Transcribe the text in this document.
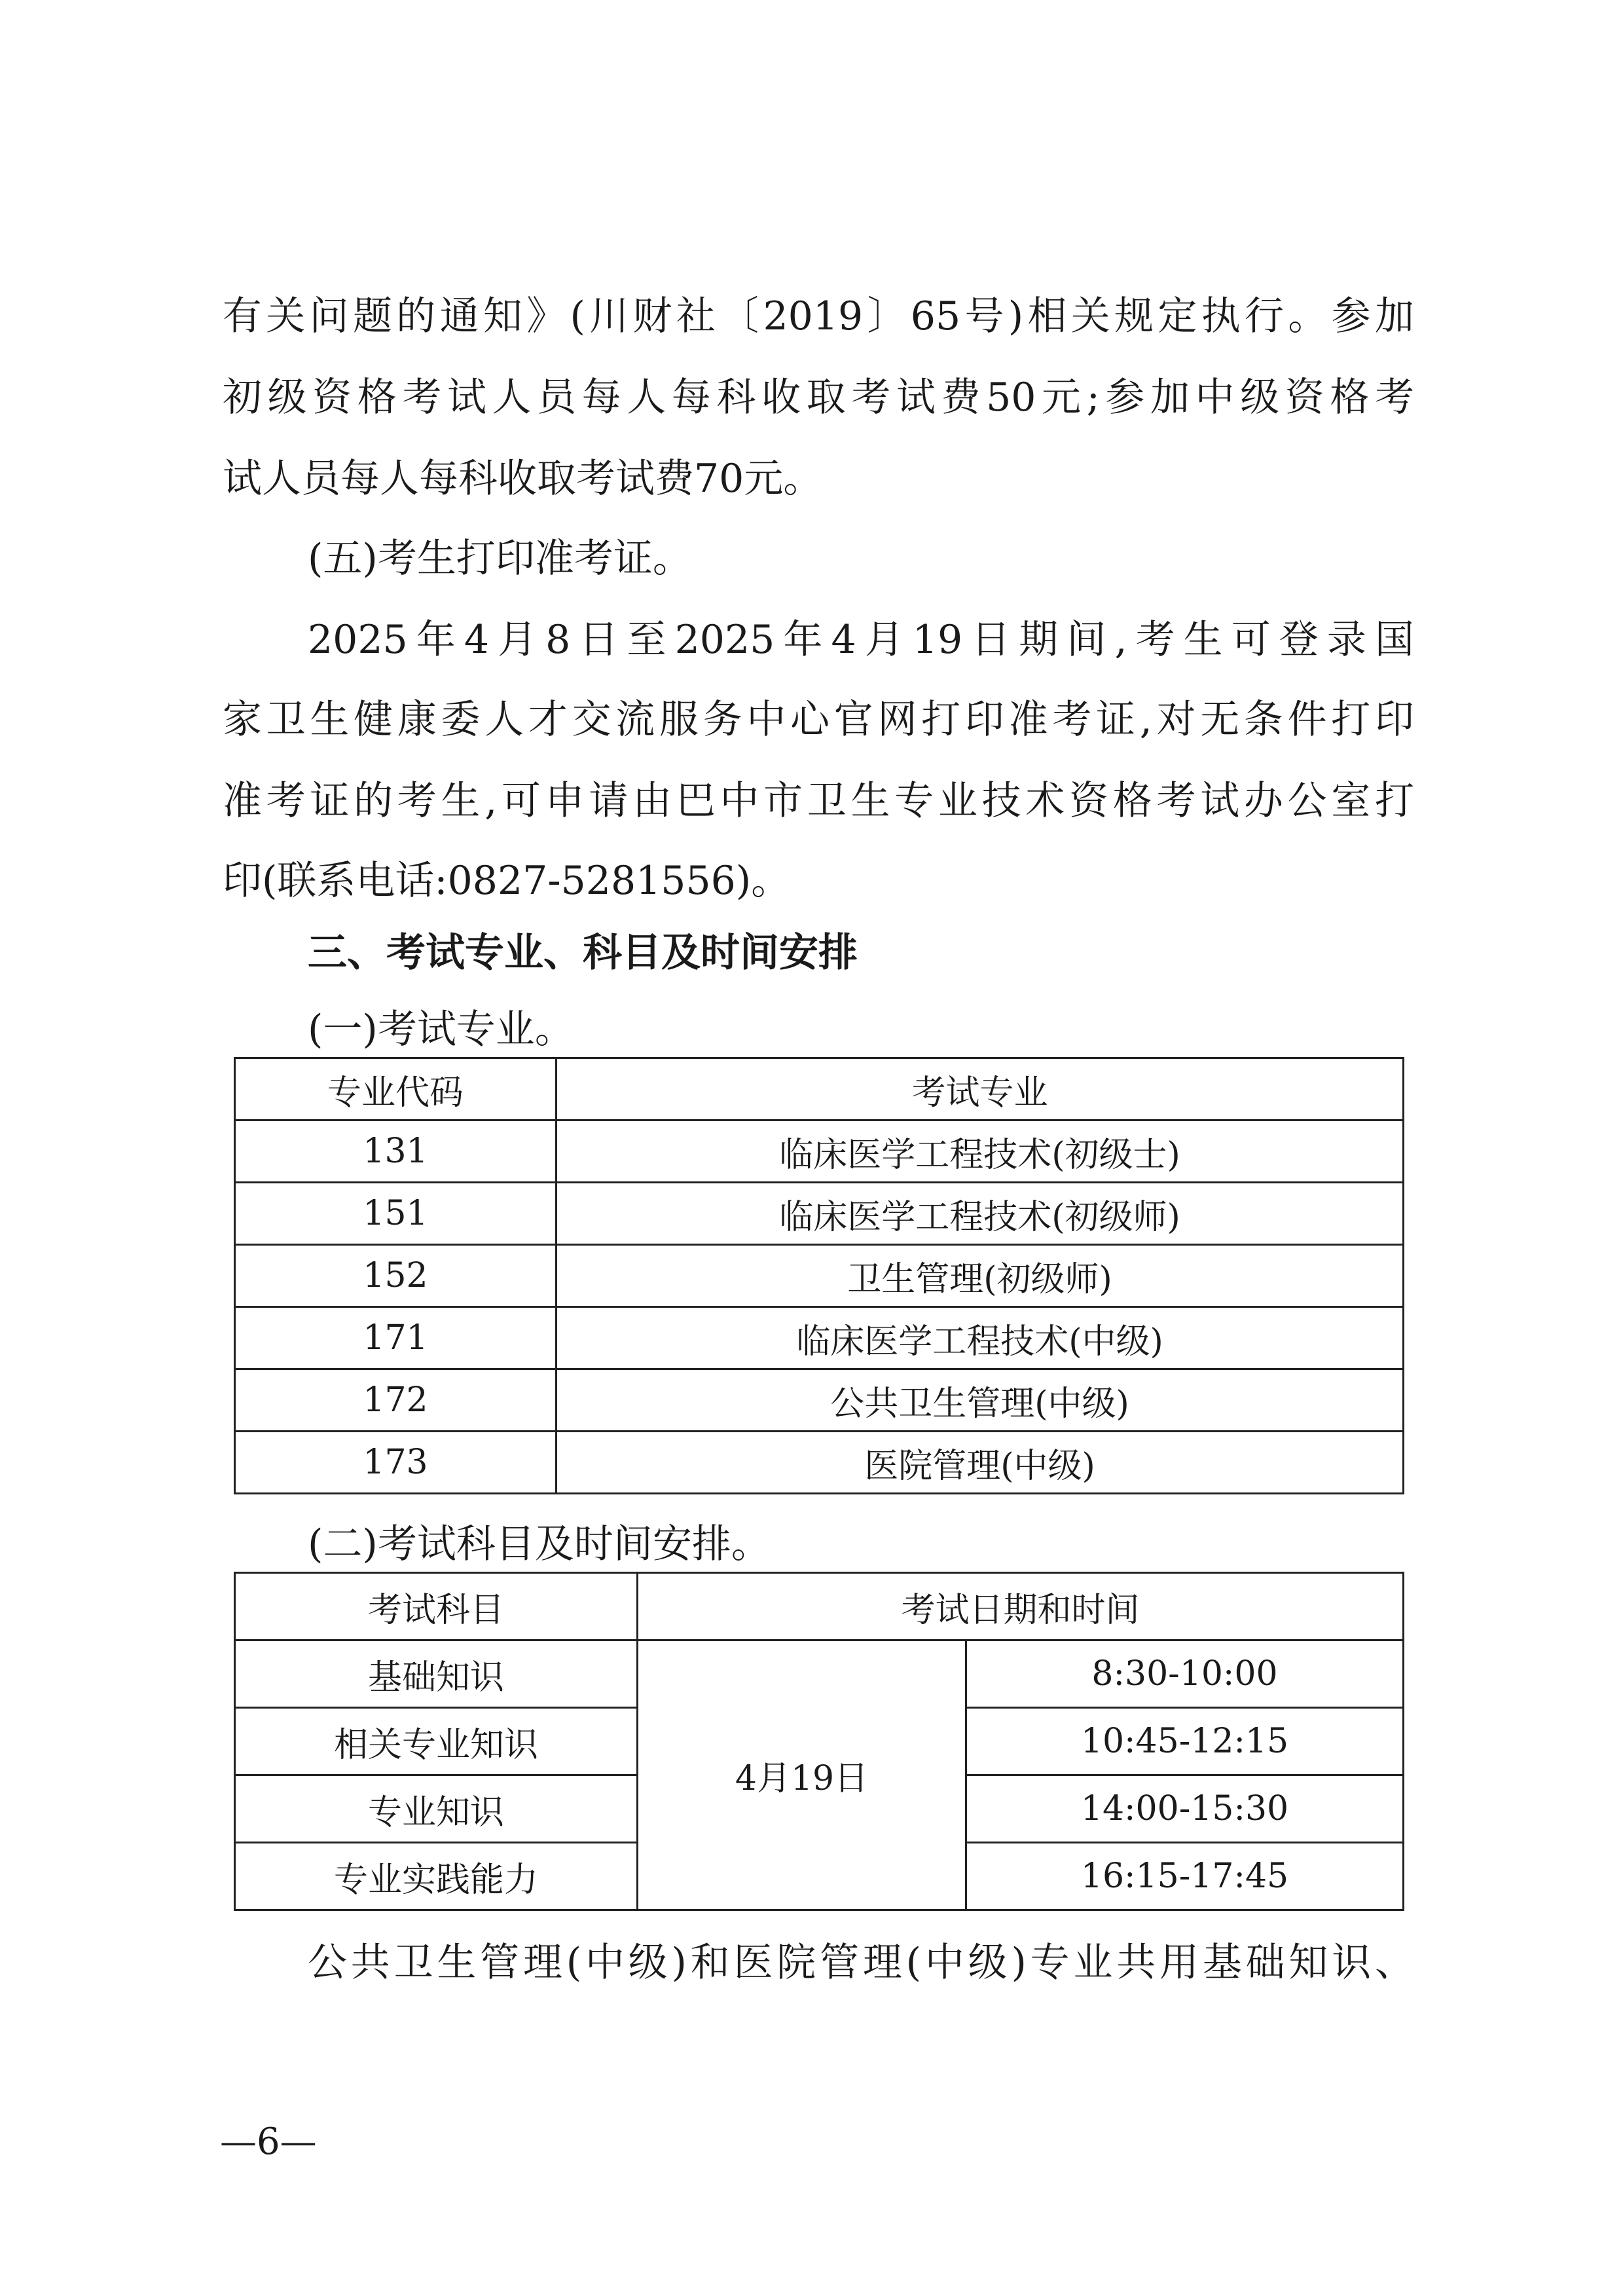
有关问题的通知》(川财社〔2019〕65号)相关规定执行。参加
初级资格考试人员每人每科收取考试费50元;参加中级资格考
试人员每人每科收取考试费70元。
(五)考生打印准考证。
2025年4月8日至2025年4月19日期间,考生可登录国
家卫生健康委人才交流服务中心官网打印准考证,对无条件打印
准考证的考生,可申请由巴中市卫生专业技术资格考试办公室打
印(联系电话:0827-5281556)。
三、考试专业、科目及时间安排
(一)考试专业。
专业代码	考试专业
131	临床医学工程技术(初级士)
151	临床医学工程技术(初级师)
152	卫生管理(初级师)
171	临床医学工程技术(中级)
172	公共卫生管理(中级)
173	医院管理(中级)
(二)考试科目及时间安排。
考试科目	考试日期和时间	
基础知识	4月19日	8:30-10:00
相关专业知识		10:45-12:15
专业知识		14:00-15:30
专业实践能力		16:15-17:45
公共卫生管理(中级)和医院管理(中级)专业共用基础知识、
—6—
